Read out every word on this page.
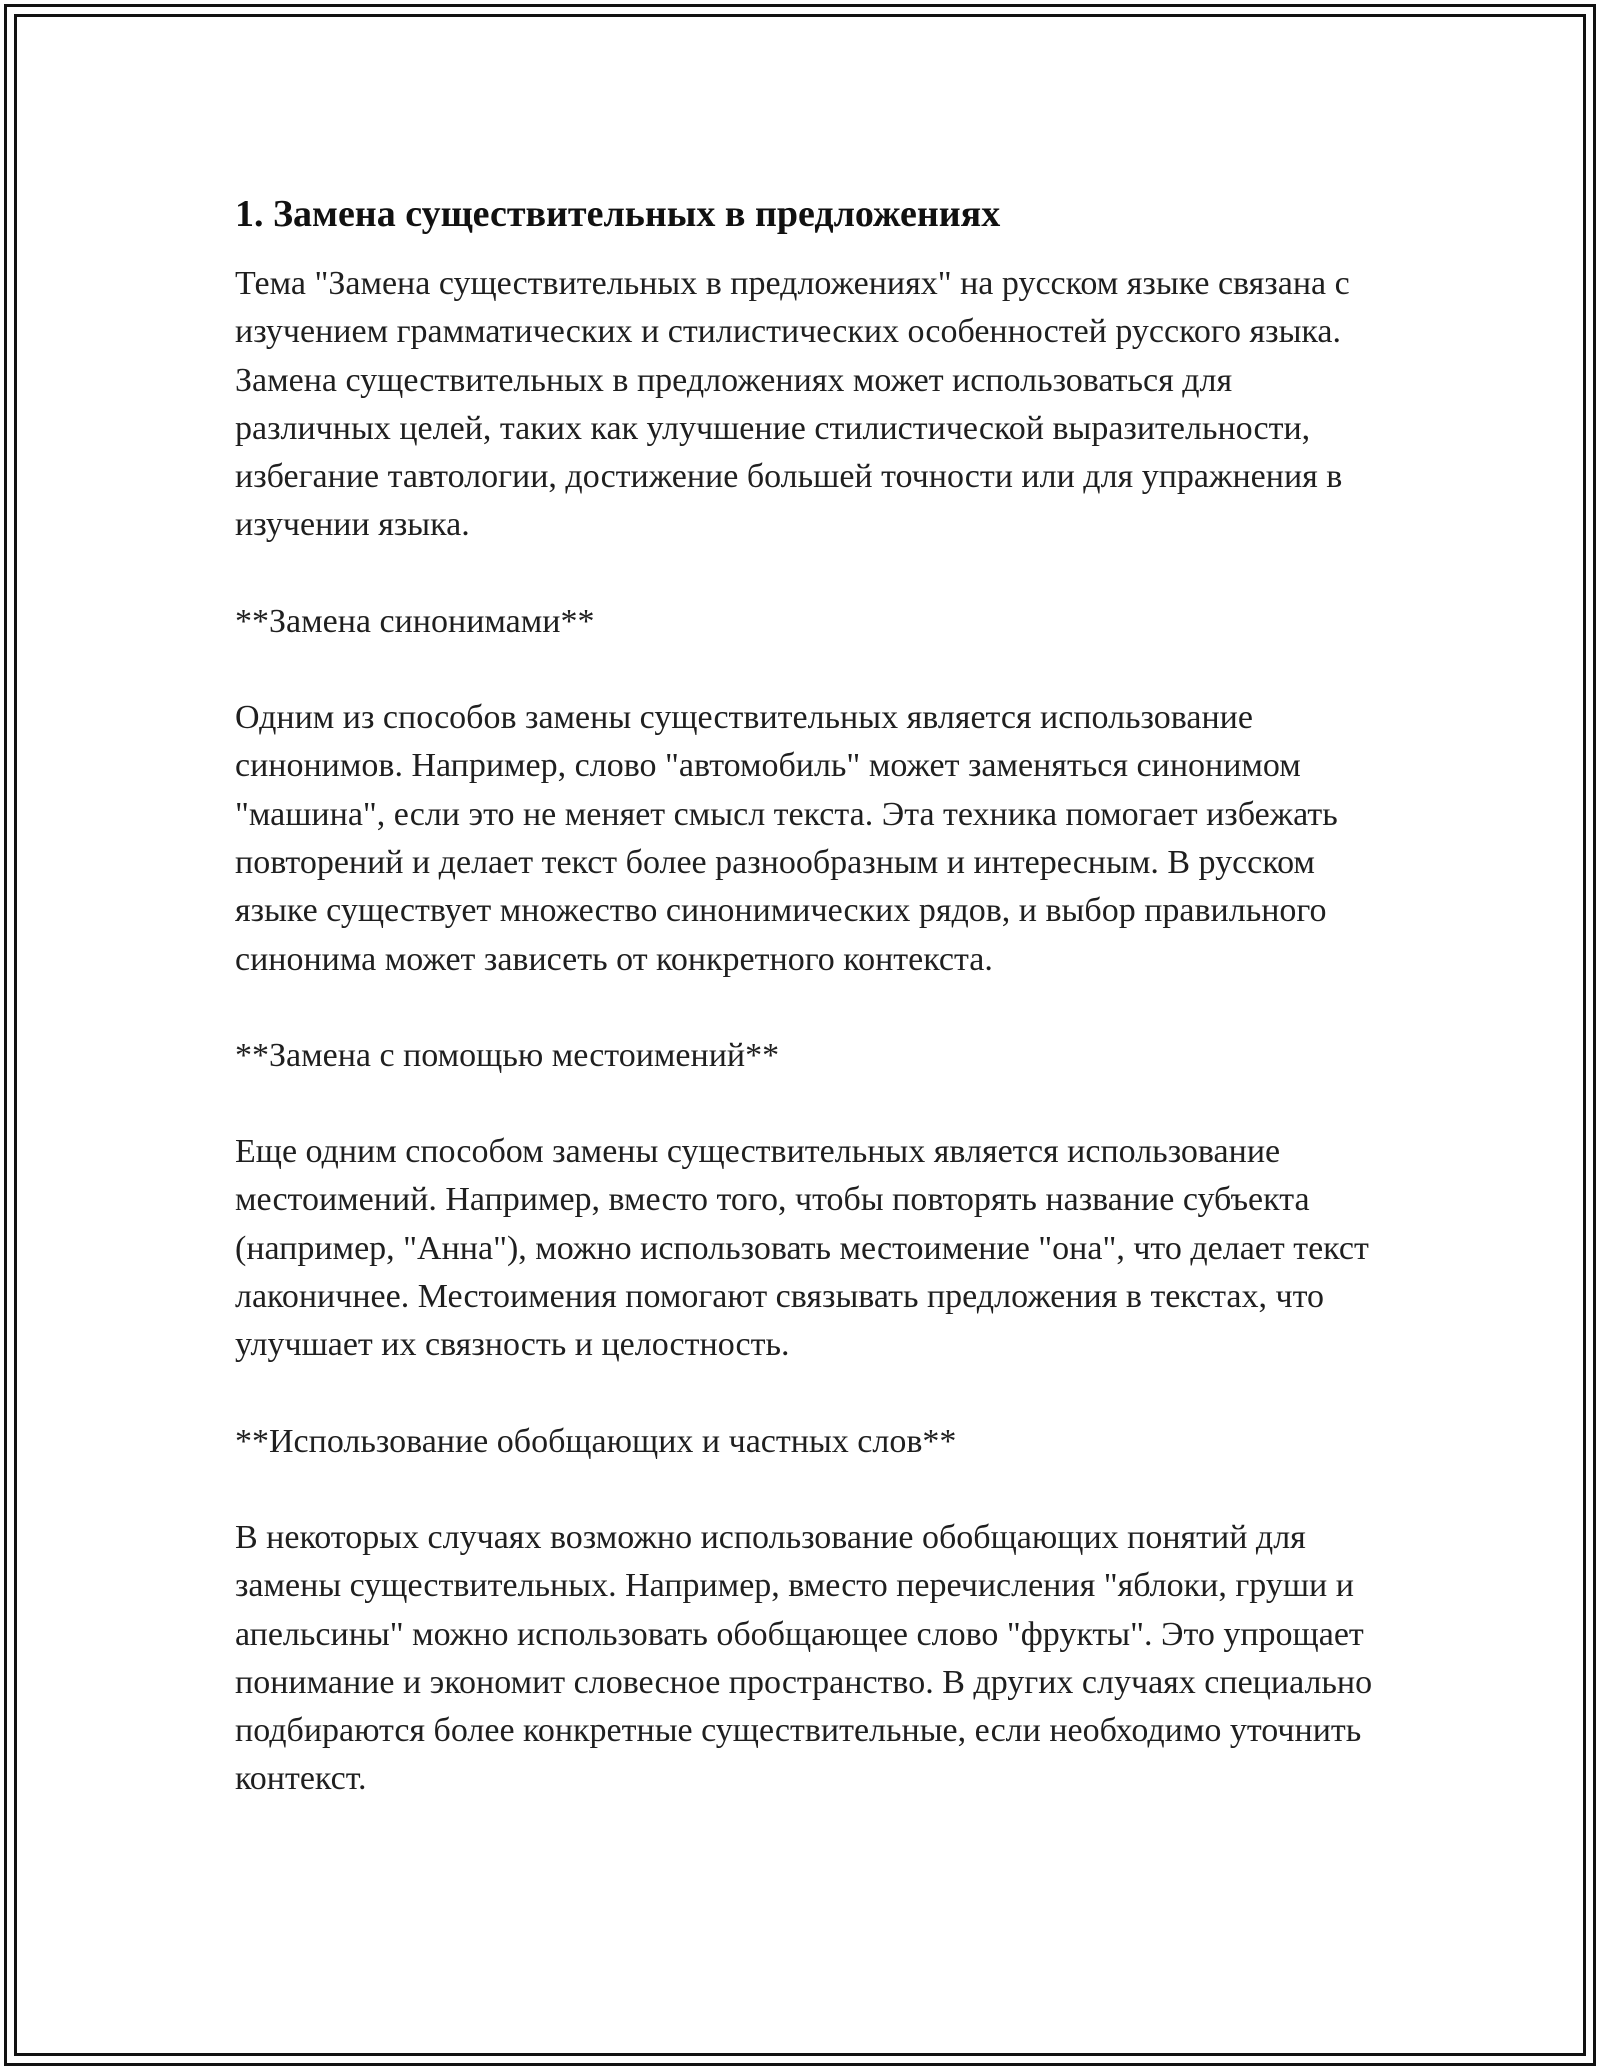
1. Замена существительных в предложениях

Тема "Замена существительных в предложениях" на русском языке связана с изучением грамматических и стилистических особенностей русского языка. Замена существительных в предложениях может использоваться для различных целей, таких как улучшение стилистической выразительности, избегание тавтологии, достижение большей точности или для упражнения в изучении языка.

**Замена синонимами**

Одним из способов замены существительных является использование синонимов. Например, слово "автомобиль" может заменяться синонимом "машина", если это не меняет смысл текста. Эта техника помогает избежать повторений и делает текст более разнообразным и интересным. В русском языке существует множество синонимических рядов, и выбор правильного синонима может зависеть от конкретного контекста.

**Замена с помощью местоимений**

Еще одним способом замены существительных является использование местоимений. Например, вместо того, чтобы повторять название субъекта (например, "Анна"), можно использовать местоимение "она", что делает текст лаконичнее. Местоимения помогают связывать предложения в текстах, что улучшает их связность и целостность.

**Использование обобщающих и частных слов**

В некоторых случаях возможно использование обобщающих понятий для замены существительных. Например, вместо перечисления "яблоки, груши и апельсины" можно использовать обобщающее слово "фрукты". Это упрощает понимание и экономит словесное пространство. В других случаях специально подбираются более конкретные существительные, если необходимо уточнить контекст.
